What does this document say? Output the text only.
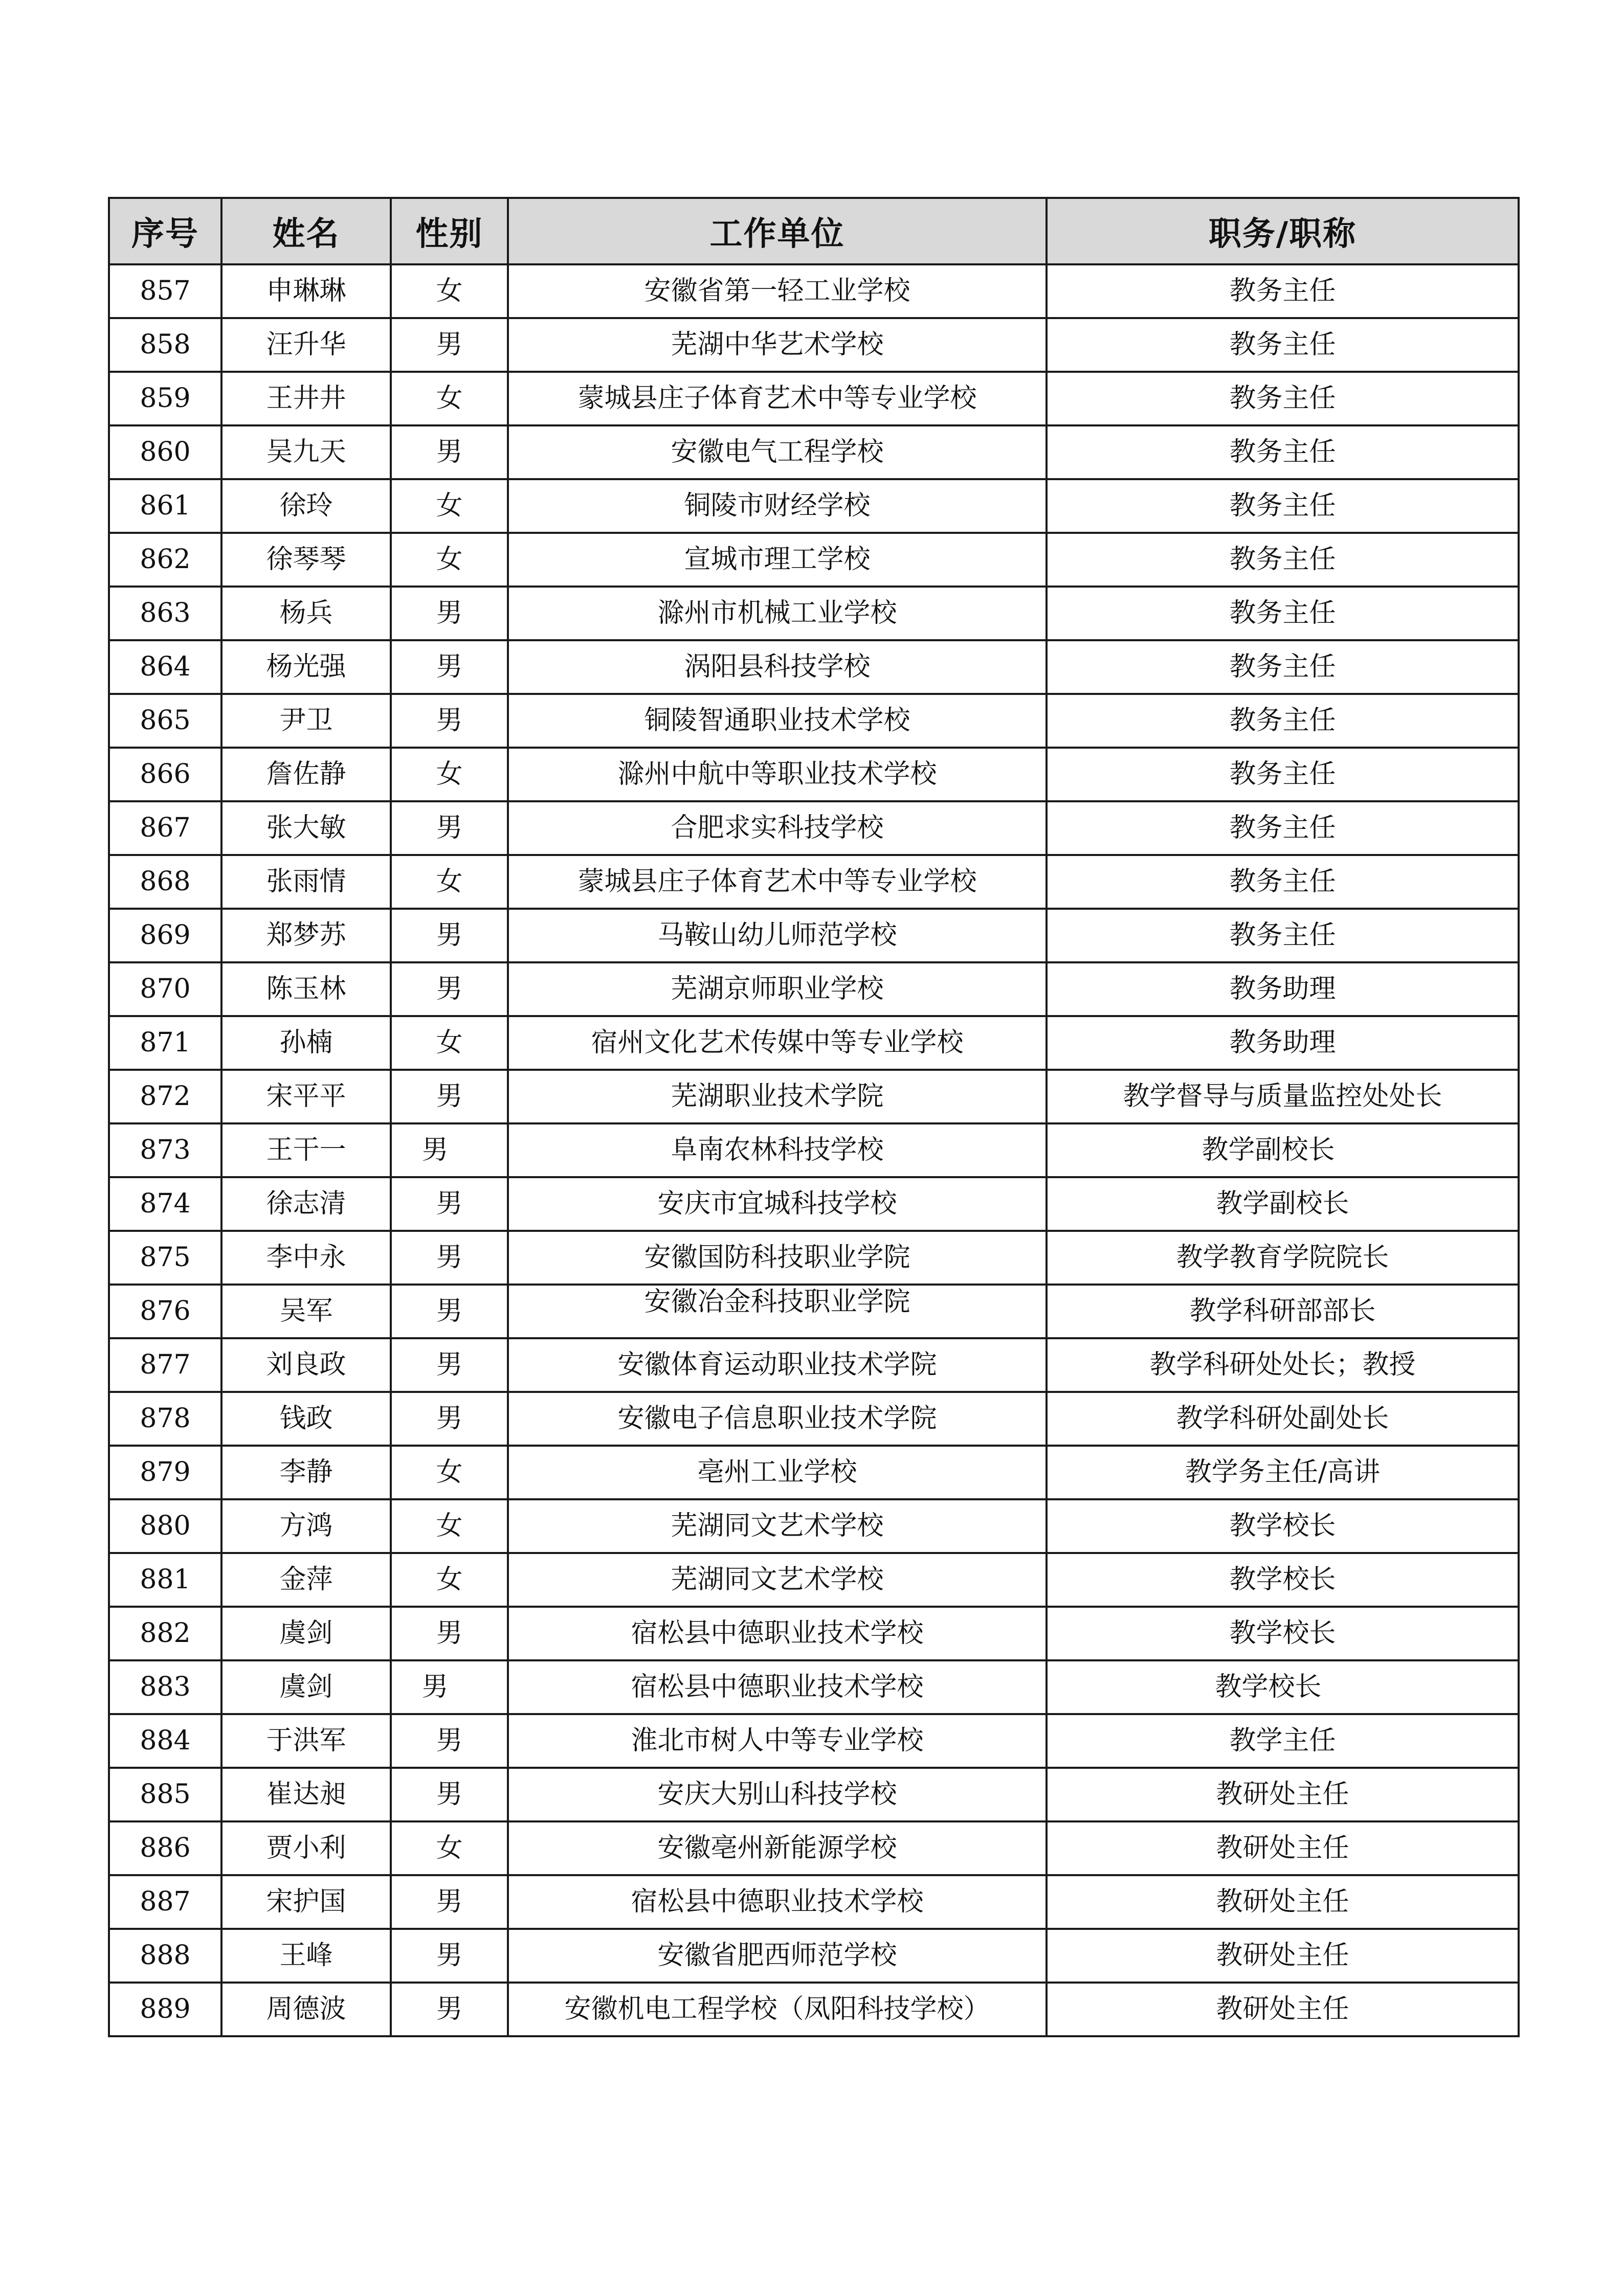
序号	姓名	性别	工作单位	职务/职称
857	申琳琳	女	安徽省第一轻工业学校	教务主任
858	汪升华	男	芜湖中华艺术学校	教务主任
859	王井井	女	蒙城县庄子体育艺术中等专业学校	教务主任
860	吴九天	男	安徽电气工程学校	教务主任
861	徐玲	女	铜陵市财经学校	教务主任
862	徐琴琴	女	宣城市理工学校	教务主任
863	杨兵	男	滁州市机械工业学校	教务主任
864	杨光强	男	涡阳县科技学校	教务主任
865	尹卫	男	铜陵智通职业技术学校	教务主任
866	詹佐静	女	滁州中航中等职业技术学校	教务主任
867	张大敏	男	合肥求实科技学校	教务主任
868	张雨情	女	蒙城县庄子体育艺术中等专业学校	教务主任
869	郑梦苏	男	马鞍山幼儿师范学校	教务主任
870	陈玉林	男	芜湖京师职业学校	教务助理
871	孙楠	女	宿州文化艺术传媒中等专业学校	教务助理
872	宋平平	男	芜湖职业技术学院	教学督导与质量监控处处长
873	王干一	男	阜南农林科技学校	教学副校长
874	徐志清	男	安庆市宜城科技学校	教学副校长
875	李中永	男	安徽国防科技职业学院	教学教育学院院长
876	吴军	男	安徽冶金科技职业学院	教学科研部部长
877	刘良政	男	安徽体育运动职业技术学院	教学科研处处长；教授
878	钱政	男	安徽电子信息职业技术学院	教学科研处副处长
879	李静	女	亳州工业学校	教学务主任/高讲
880	方鸿	女	芜湖同文艺术学校	教学校长
881	金萍	女	芜湖同文艺术学校	教学校长
882	虞剑	男	宿松县中德职业技术学校	教学校长
883	虞剑	男	宿松县中德职业技术学校	教学校长
884	于洪军	男	淮北市树人中等专业学校	教学主任
885	崔达昶	男	安庆大别山科技学校	教研处主任
886	贾小利	女	安徽亳州新能源学校	教研处主任
887	宋护国	男	宿松县中德职业技术学校	教研处主任
888	王峰	男	安徽省肥西师范学校	教研处主任
889	周德波	男	安徽机电工程学校（凤阳科技学校）	教研处主任
